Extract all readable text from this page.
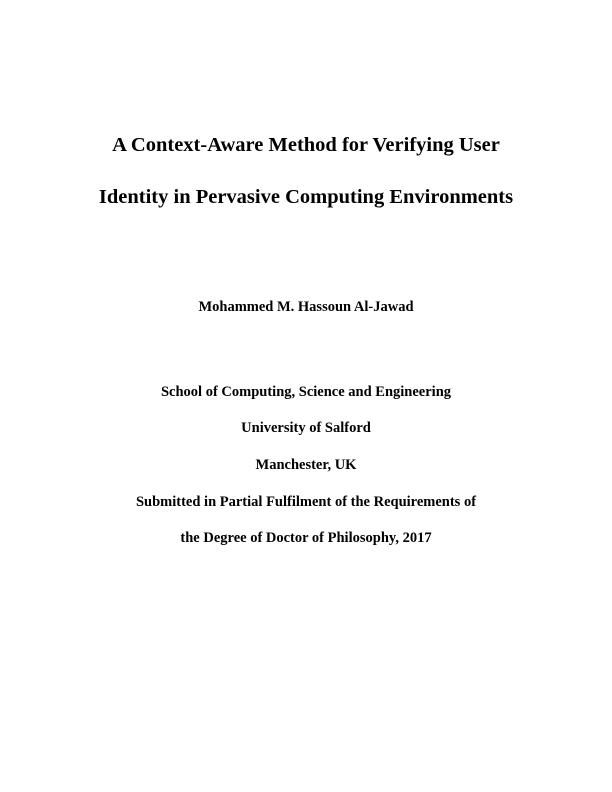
A Context-Aware Method for Verifying User
Identity in Pervasive Computing Environments
Mohammed M. Hassoun Al-Jawad
School of Computing, Science and Engineering
University of Salford
Manchester, UK
Submitted in Partial Fulfilment of the Requirements of
the Degree of Doctor of Philosophy, 2017
